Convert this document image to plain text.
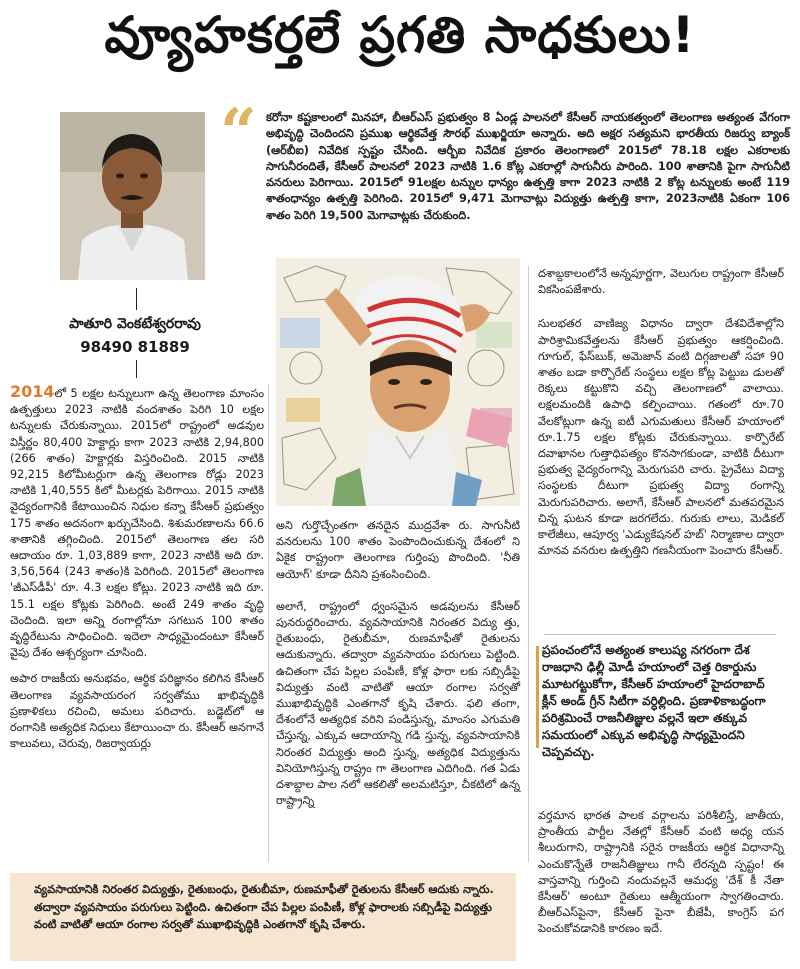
వ్యూహకర్తలే ప్రగతి సాధకులు!
“ కరోనా కష్టకాలంలో మినహా, బీఆర్ఎస్ ప్రభుత్వం 8 ఏండ్ల పాలనలో కేసీఆర్ నాయకత్వంలో తెలంగాణ అత్యంత వేగంగా అభివృద్ధి చెందిందని ప్రముఖ ఆర్థికవేత్త సౌరభ్ ముఖర్జియా అన్నారు. అది అక్షర సత్యమని భారతీయ రిజర్వు బ్యాంక్ (ఆర్‌బీఐ) నివేదిక స్పష్టం చేసింది. ఆర్బీఐ నివేదిక ప్రకారం తెలంగాణలో 2015లో 78.18 లక్షల ఎకరాలకు సాగునీరందితే, కేసీఆర్ పాలనలో 2023 నాటికి 1.6 కోట్ల ఎకరాల్లో సాగునీరు పారింది. 100 శాతానికి పైగా సాగునీటి వనరులు పెరిగాయి. 2015లో 91లక్షల టన్నుల ధాన్యం ఉత్పత్తి కాగా 2023 నాటికి 2 కోట్ల టన్నులకు అంటే 119 శాతంధాన్యం ఉత్పత్తి పెరిగింది. 2015లో 9,471 మెగావాట్లు విద్యుత్తు ఉత్పత్తి కాగా, 2023నాటికి ఏకంగా 106 శాతం పెరిగి 19,500 మెగావాట్లకు చేరుకుంది.
పాతూరి వెంకటేశ్వరరావు
98490 81889

2014లో 5 లక్షల టన్నులుగా ఉన్న తెలంగాణ మాంసం ఉత్పత్తులు 2023 నాటికి వందశాతం పెరిగి 10 లక్షల టన్నులకు చేరుకున్నాయి. 2015లో రాష్ట్రంలో అడవుల విస్తీర్ణం 80,400 హెక్టార్లు కాగా 2023 నాటికి 2,94,800 (266 శాతం) హెక్టార్లకు విస్తరించింది. 2015 నాటికి 92,215 కిలోమీటర్లుగా ఉన్న తెలంగాణ రోడ్లు 2023 నాటికి 1,40,555 కిలో మీటర్లకు పెరిగాయి. 2015 నాటికి వైద్యరంగానికి కేటాయించిన నిధుల కన్నా కేసీఆర్ ప్రభుత్వం 175 శాతం అదనంగా ఖర్చుచేసింది. శిశుమరణాలను 66.6 శాతానికి తగ్గించింది. 2015లో తెలంగాణ తల సరి ఆదాయం రూ. 1,03,889 కాగా, 2023 నాటికి అది రూ. 3,56,564 (243 శాతం)కి పెరిగింది. 2015లో తెలంగాణ 'జీఎస్‌డీపీ' రూ. 4.3 లక్షల కోట్లు. 2023 నాటికి ఇది రూ. 15.1 లక్షల కోట్లకు పెరిగింది. అంటే 249 శాతం వృద్ధి చెందింది. ఇలా అన్ని రంగాల్లోనూ సగటున 100 శాతం వృద్ధిరేటును సాధించింది. ఇదెలా సాధ్యమైందంటూ కేసీఆర్ వైపు దేశం ఆశ్చర్యంగా చూసింది.

అపార రాజకీయ అనుభవం, ఆర్థిక పరిజ్ఞానం కలిగిన కేసీఆర్ తెలంగాణ వ్యవసాయరంగ సర్వతోము ఖాభివృద్ధికి ప్రణాళికలు రచించి, అమలు పరిచారు. బడ్జెట్‌లో ఆ రంగానికి అత్యధిక నిధులు కేటాయించా రు. కేసీఆర్ అనగానే కాలువలు, చెరువు, రిజర్వాయర్లు

అని గుర్తొచ్చేంతగా తనదైన ముద్రవేశా రు. సాగునీటి వనరులను 100 శాతం పెంపొందించుకున్న దేశంలో ని ఏకైక రాష్ట్రంగా తెలంగాణ గుర్తింపు పొందింది. 'నీతి ఆయోగ్' కూడా దీనిని ప్రశంసించింది.

అలాగే, రాష్ట్రంలో ధ్వంసమైన అడవులను కేసీఆర్ పునరుద్ధరించారు. వ్యవసాయానికి నిరంతర విద్యు త్తు, రైతుబంధు, రైతుబీమా, రుణమాఫీతో రైతులను ఆదుకున్నారు. తద్వారా వ్యవసాయం పరుగులు పెట్టింది. ఉచితంగా చేప పిల్లల పంపిణీ, కోళ్ల ఫారా లకు సబ్సిడీపై విద్యుత్తు వంటి వాటితో ఆయా రంగాల సర్వతో ముఖాభివృద్ధికి ఎంతగానో కృషి చేశారు. ఫలి తంగా, దేశంలోనే అత్యధిక వరిని పండిస్తున్న, మాంసం ఎగుమతి చేస్తున్న, ఎక్కువ ఆదాయాన్ని గడి స్తున్న, వ్యవసాయానికి నిరంతర విద్యుత్తు అంది స్తున్న, అత్యధిక విద్యుత్తును వినియోగిస్తున్న రాష్ట్రం గా తెలంగాణ ఎదిగింది. గత ఏడు దశాబ్దాల పాల నలో ఆకలితో అలమటిస్తూ, చీకటిలో ఉన్న రాష్ట్రాన్ని

దశాబ్దకాలంలోనే అన్నపూర్ణగా, వెలుగుల రాష్ట్రంగా కేసీఆర్ వికసింపజేశారు.

సులభతర వాణిజ్య విధానం ద్వారా దేశవిదేశాల్లోని పారిశ్రామికవేత్తలను కేసీఆర్ ప్రభుత్వం ఆకర్షించింది. గూగుల్, ఫేస్‌బుక్, అమెజాన్ వంటి దిగ్గజాలతో సహా 90 శాతం బడా కార్పొరేట్ సంస్థలు లక్షల కోట్ల పెట్టుబ డులతో రెక్కలు కట్టుకొని వచ్చి తెలంగాణలో వాలాయి. లక్షలమందికి ఉపాధి కల్పించాయి. గతంలో రూ.70 వేలకోట్లుగా ఉన్న ఐటీ ఎగుమతులు కేసీఆర్ హయాంలో రూ.1.75 లక్షల కోట్లకు చేరుకున్నాయి. కార్పొరేట్ దవాఖానల గుత్తాధిపత్యం కొనసాగకుండా, వాటికి దీటుగా ప్రభుత్వ వైద్యరంగాన్ని మెరుగుపరి చారు. ప్రైవేటు విద్యా సంస్థలకు దీటుగా ప్రభుత్వ విద్యా రంగాన్ని మెరుగుపరిచారు. అలాగే, కేసీఆర్ పాలనలో మతపరమైన చిన్న ఘటన కూడా జరగలేదు. గురుకు లాలు, మెడికల్ కాలేజీలు, ఆపూర్వ 'ఎడ్యుకేషనల్ హబ్' నిర్మాణాల ద్వారా మానవ వనరుల ఉత్పత్తిని గణనీయంగా పెంచారు కేసీఆర్.

ప్రపంచంలోనే అత్యంత కాలుష్య నగరంగా దేశ రాజధాని ఢిల్లీ మోడీ హయాంలో చెత్త రికార్డును మూటగట్టుకోగా, కేసీఆర్ హయాంలో హైదరాబాద్ క్లీన్ అండ్ గ్రీన్ సిటీగా వర్ధిల్లింది. ప్రణాళికాబద్ధంగా పరిశ్రమించే రాజనీతిజ్ఞుల వల్లనే ఇలా తక్కువ సమయంలో ఎక్కువ అభివృద్ధి సాధ్యమైందని చెప్పవచ్చు.

వర్తమాన భారత పాలక వర్గాలను పరిశీలిస్తే, జాతీయ, ప్రాంతీయ పార్టీల నేతల్లో కేసీఆర్ వంటి అధ్య యన శీలురుగాని, రాష్ట్రానికి సరైన రాజకీయ ఆర్థిక విధానాన్ని ఎంచుకొన్నేతే రాజనీతిజ్ఞులు గానీ లేరన్నది స్పష్టం! ఈ వాస్తవాన్ని గుర్తించి నందువల్లనే ఆమధ్య 'దేశ్ కీ నేతా కేసీఆర్' అంటూ రైతులు ఆత్మీయంగా స్వాగతించారు. బీఆర్ఎస్‌పైనా, కేసీఆర్ పైనా బీజేపీ, కాంగ్రెస్ పగ పెంచుకోవడానికి కారణం ఇదే.

వ్యవసాయానికి నిరంతర విద్యుత్తు, రైతుబంధు, రైతుబీమా, రుణమాఫీతో రైతులను కేసీఆర్ ఆదుకు న్నారు. తద్వారా వ్యవసాయం పరుగులు పెట్టింది. ఉచితంగా చేప పిల్లల పంపిణీ, కోళ్ల ఫారాలకు సబ్సిడీపై విద్యుత్తు వంటి వాటితో ఆయా రంగాల సర్వతో ముఖాభివృద్ధికి ఎంతగానో కృషి చేశారు.
